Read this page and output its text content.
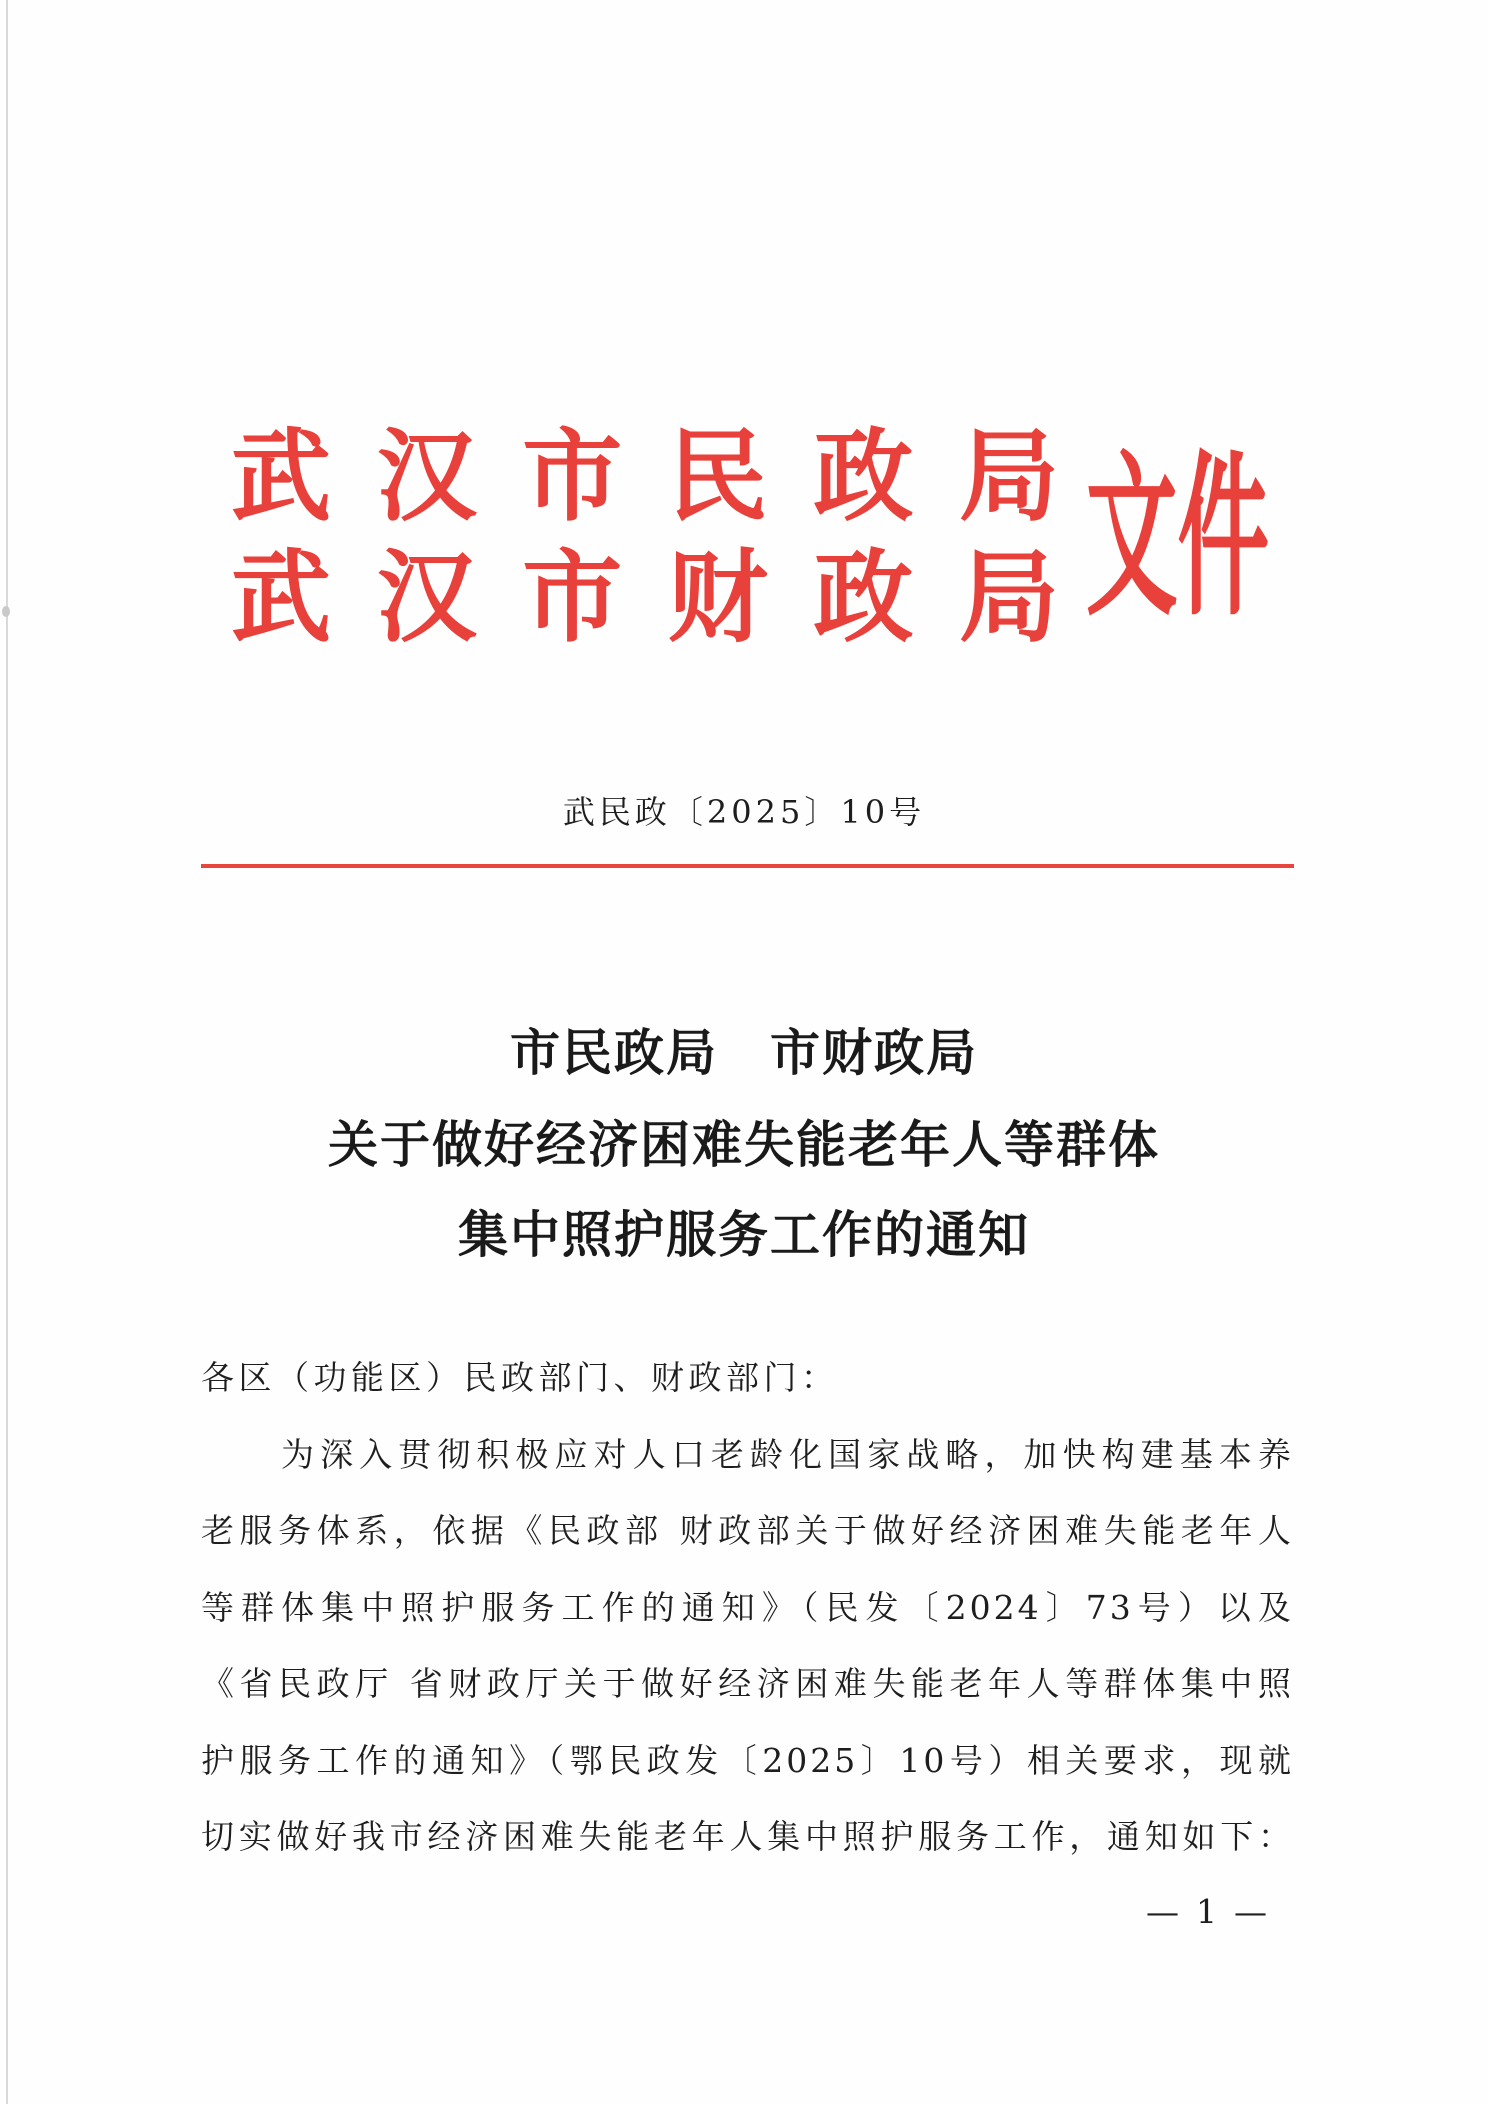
武汉市民政局
武汉市财政局 文件
武民政〔2025〕10号
市民政局　市财政局
关于做好经济困难失能老年人等群体
集中照护服务工作的通知
各区（功能区）民政部门、财政部门：
为深入贯彻积极应对人口老龄化国家战略，加快构建基本养
老服务体系，依据《民政部 财政部关于做好经济困难失能老年人
等群体集中照护服务工作的通知》（民发〔2024〕73号）以及
《省民政厅 省财政厅关于做好经济困难失能老年人等群体集中照
护服务工作的通知》（鄂民政发〔2025〕10号）相关要求，现就
切实做好我市经济困难失能老年人集中照护服务工作，通知如下：
— 1 —
